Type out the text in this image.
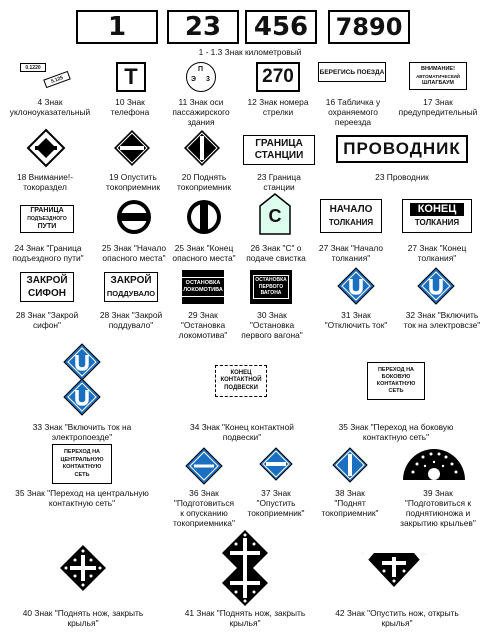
1	23	456	7890
1 - 1.3 Знак километровый
0.1220
5.125
4 Знак
уклоноуказательный
Т
10 Знак
телефона
П
Э 3
11 Знак оси
пассажирского
здания
270
12 Знак номера
стрелки
БЕРЕГИСЬ ПОЕЗДА
16 Табличка у
охраняемого
переезда
ВНИМАНИЕ!
АВТОМАТИЧЕСКИЙ
ШЛАГБАУМ
17 Знак
предупредительный
18 Внимание!-
токораздел
19 Опустить
токоприемник
20 Поднять
токоприемник
ГРАНИЦА
СТАНЦИИ
23 Граница
станции
ПРОВОДНИК
23 Проводник
ГРАНИЦА
ПОДЪЕЗДНОГО
ПУТИ
24 Знак "Граница
подъездного пути"
25 Знак "Начало
опасного места"
25 Знак "Конец
опасного места"
С
26 Знак "С" о
подаче свистка
НАЧАЛО
ТОЛКАНИЯ
27 Знак "Начало
толкания"
КОНЕЦ
ТОЛКАНИЯ
27 Знак "Конец
толкания"
ЗАКРОЙ
СИФОН
28 Знак "Закрой
сифон"
ЗАКРОЙ
ПОДДУВАЛО
28 Знак "Закрой
поддувало"
ОСТАНОВКА
ЛОКОМОТИВА
29 Знак
"Остановка
локомотива"
ОСТАНОВКА
ПЕРВОГО
ВАГОНА
30 Знак
"Остановка
первого вагона"
31 Знак
"Отключить ток"
32 Знак "Включить
ток на электровсзе"
33 Знак "Включить ток на
электропоезде"
КОНЕЦ
КОНТАКТНОЙ
ПОДВЕСКИ
34 Знак "Конец контактной
подвески"
ПЕРЕХОД НА
БОКОВУЮ
КОНТАКТНУЮ
СЕТЬ
35 Знак "Переход на боковую
контактную сеть"
ПЕРЕХОД НА
ЦЕНТРАЛЬНУЮ
КОНТАКТНУЮ
СЕТЬ
35 Знак "Переход на центральную
контактную сеть"
36 Знак
"Подготовиться
к опусканию
токоприемника"
37 Знак
"Опустить
токоприемник"
38 Знак
"Поднят
токоприемник"
39 Знак
"Подготовиться к
поднятиюножа и
закрытию крыльев"
40 Знак "Поднять нож, закрыть
крылья"
41 Знак "Поднять нож, закрыть
крылья"
42 Знак "Опустить нож, открыть
крылья"
